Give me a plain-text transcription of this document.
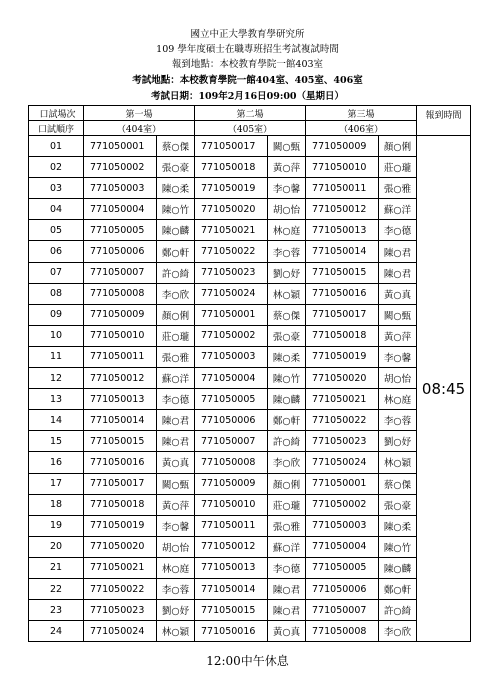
國立中正大學教育學研究所
109 學年度碩士在職專班招生考試複試時間
報到地點：本校教育學院一館403室
考試地點：本校教育學院一館404室、405室、406室
考試日期：109年2月16日09:00（星期日）
口試場次	第一場		第二場		第三場		報到時間
口試順序	（404室）		（405室）		（406室）		
01	771050001	蔡○傑	771050017	闕○甄	771050009	顏○俐	08:45
02	771050002	張○豪	771050018	黃○萍	771050010	莊○瓏	
03	771050003	陳○柔	771050019	李○馨	771050011	張○雅	
04	771050004	陳○竹	771050020	胡○怡	771050012	蘇○洋	
05	771050005	陳○麟	771050021	林○庭	771050013	李○德	
06	771050006	鄭○軒	771050022	李○蓉	771050014	陳○君	
07	771050007	許○綺	771050023	劉○妤	771050015	陳○君	
08	771050008	李○欣	771050024	林○穎	771050016	黃○真	
09	771050009	顏○俐	771050001	蔡○傑	771050017	闕○甄	
10	771050010	莊○瓏	771050002	張○豪	771050018	黃○萍	
11	771050011	張○雅	771050003	陳○柔	771050019	李○馨	
12	771050012	蘇○洋	771050004	陳○竹	771050020	胡○怡	
13	771050013	李○德	771050005	陳○麟	771050021	林○庭	
14	771050014	陳○君	771050006	鄭○軒	771050022	李○蓉	
15	771050015	陳○君	771050007	許○綺	771050023	劉○妤	
16	771050016	黃○真	771050008	李○欣	771050024	林○穎	
17	771050017	闕○甄	771050009	顏○俐	771050001	蔡○傑	
18	771050018	黃○萍	771050010	莊○瓏	771050002	張○豪	
19	771050019	李○馨	771050011	張○雅	771050003	陳○柔	
20	771050020	胡○怡	771050012	蘇○洋	771050004	陳○竹	
21	771050021	林○庭	771050013	李○德	771050005	陳○麟	
22	771050022	李○蓉	771050014	陳○君	771050006	鄭○軒	
23	771050023	劉○妤	771050015	陳○君	771050007	許○綺	
24	771050024	林○穎	771050016	黃○真	771050008	李○欣	
12:00中午休息
